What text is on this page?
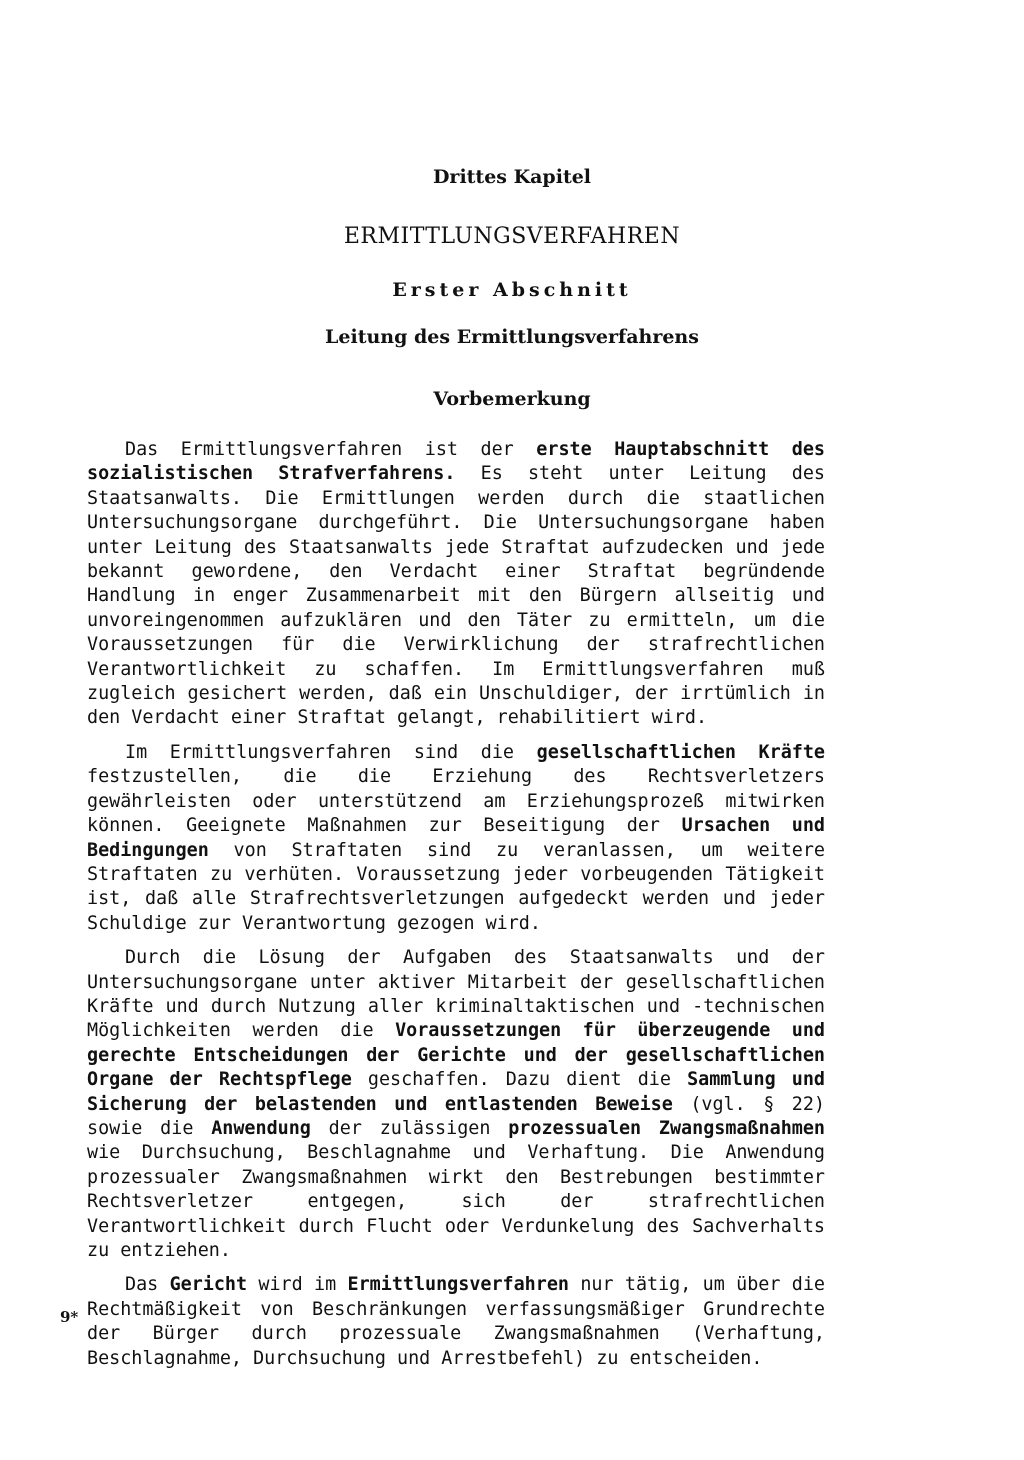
Drittes Kapitel
ERMITTLUNGSVERFAHREN
Erster Abschnitt
Leitung des Ermittlungsverfahrens
Vorbemerkung

Das Ermittlungsverfahren ist der erste Hauptabschnitt des sozialistischen Strafverfahrens. Es steht unter Leitung des Staatsanwalts. Die Ermittlungen werden durch die staatlichen Untersuchungsorgane durchgeführt. Die Untersuchungsorgane haben unter Leitung des Staatsanwalts jede Straftat aufzudecken und jede bekannt gewordene, den Verdacht einer Straftat begründende Handlung in enger Zusammenarbeit mit den Bürgern allseitig und unvoreingenommen aufzuklären und den Täter zu ermitteln, um die Voraussetzungen für die Verwirklichung der strafrechtlichen Verantwortlichkeit zu schaffen. Im Ermittlungsverfahren muß zugleich gesichert werden, daß ein Unschuldiger, der irrtümlich in den Verdacht einer Straftat gelangt, rehabilitiert wird.

Im Ermittlungsverfahren sind die gesellschaftlichen Kräfte festzustellen, die die Erziehung des Rechtsverletzers gewährleisten oder unterstützend am Erziehungsprozeß mitwirken können. Geeignete Maßnahmen zur Beseitigung der Ursachen und Bedingungen von Straftaten sind zu veranlassen, um weitere Straftaten zu verhüten. Voraussetzung jeder vorbeugenden Tätigkeit ist, daß alle Strafrechtsverletzungen aufgedeckt werden und jeder Schuldige zur Verantwortung gezogen wird.

Durch die Lösung der Aufgaben des Staatsanwalts und der Untersuchungsorgane unter aktiver Mitarbeit der gesellschaftlichen Kräfte und durch Nutzung aller kriminaltaktischen und -technischen Möglichkeiten werden die Voraussetzungen für überzeugende und gerechte Entscheidungen der Gerichte und der gesellschaftlichen Organe der Rechtspflege geschaffen. Dazu dient die Sammlung und Sicherung der belastenden und entlastenden Beweise (vgl. § 22) sowie die Anwendung der zulässigen prozessualen Zwangsmaßnahmen wie Durchsuchung, Beschlagnahme und Verhaftung. Die Anwendung prozessualer Zwangsmaßnahmen wirkt den Bestrebungen bestimmter Rechtsverletzer entgegen, sich der strafrechtlichen Verantwortlichkeit durch Flucht oder Verdunkelung des Sachverhalts zu entziehen.

Das Gericht wird im Ermittlungsverfahren nur tätig, um über die Rechtmäßigkeit von Beschränkungen verfassungsmäßiger Grundrechte der Bürger durch prozessuale Zwangsmaßnahmen (Verhaftung, Beschlagnahme, Durchsuchung und Arrestbefehl) zu entscheiden.

9*
